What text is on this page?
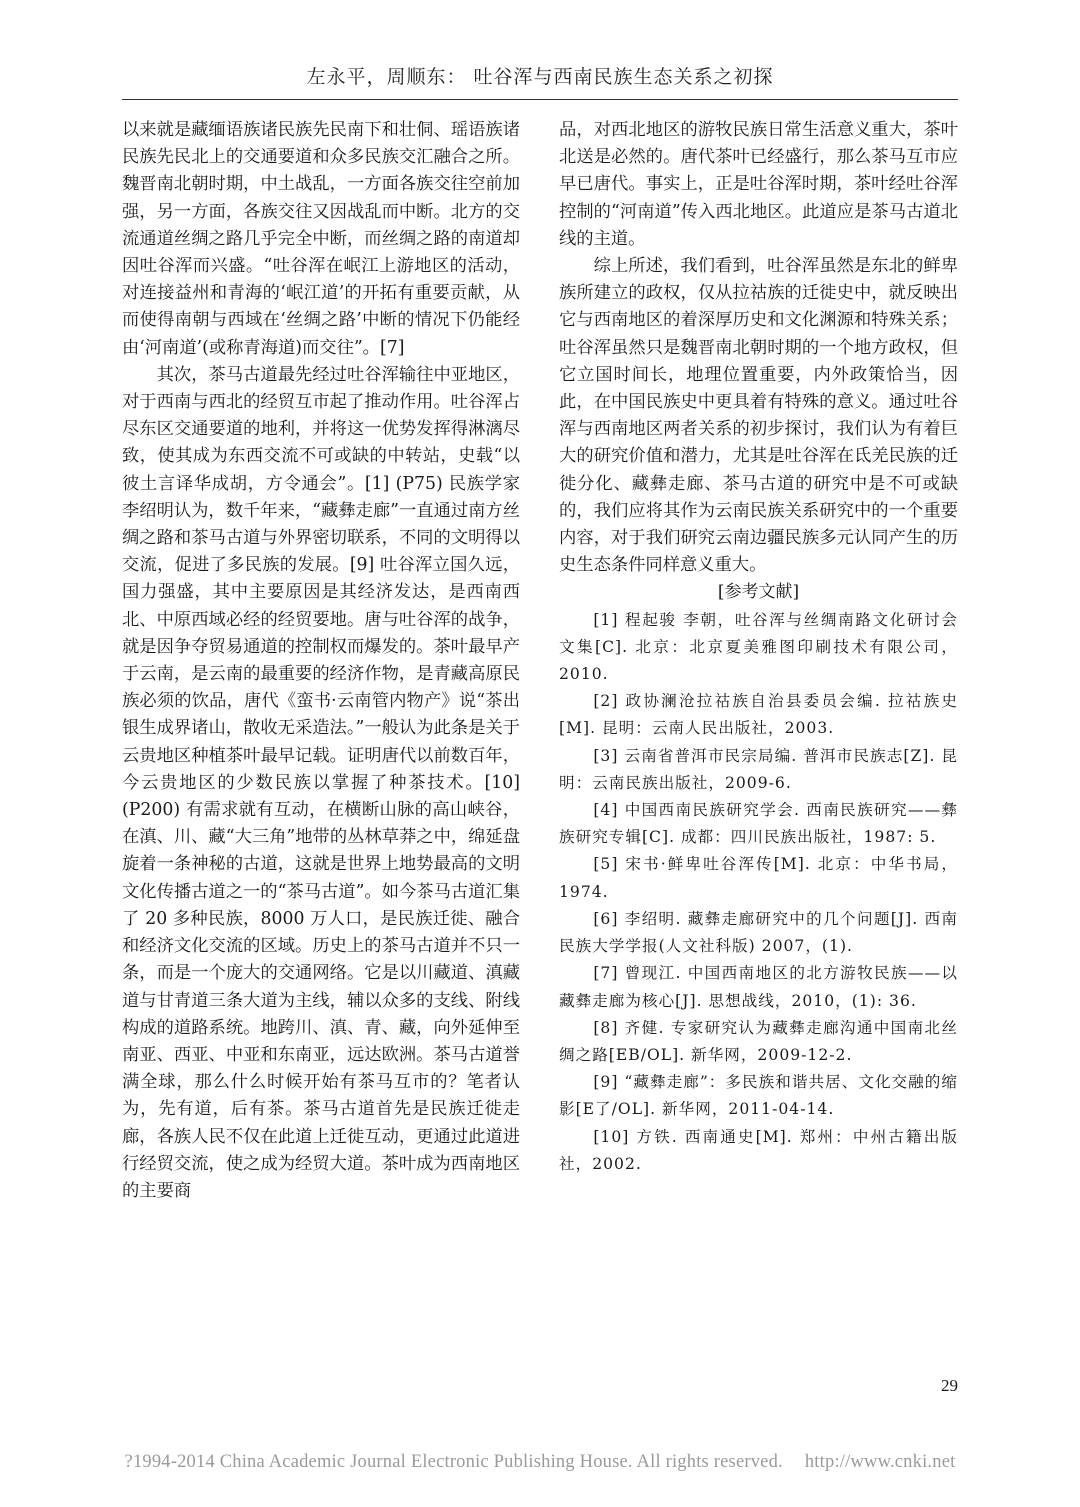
左永平，周顺东： 吐谷浑与西南民族生态关系之初探

以来就是藏缅语族诸民族先民南下和壮侗、瑶语族诸民族先民北上的交通要道和众多民族交汇融合之所。魏晋南北朝时期，中土战乱，一方面各族交往空前加强，另一方面，各族交往又因战乱而中断。北方的交流通道丝绸之路几乎完全中断，而丝绸之路的南道却因吐谷浑而兴盛。“吐谷浑在岷江上游地区的活动，对连接益州和青海的‘岷江道’的开拓有重要贡献，从而使得南朝与西域在‘丝绸之路’中断的情况下仍能经由‘河南道’(或称青海道)而交往”。[7]

其次，茶马古道最先经过吐谷浑输往中亚地区，对于西南与西北的经贸互市起了推动作用。吐谷浑占尽东区交通要道的地利，并将这一优势发挥得淋漓尽致，使其成为东西交流不可或缺的中转站，史载“以彼土言译华成胡，方令通会”。[1] (P75) 民族学家李绍明认为，数千年来，“藏彝走廊”一直通过南方丝绸之路和茶马古道与外界密切联系，不同的文明得以交流，促进了多民族的发展。[9] 吐谷浑立国久远，国力强盛，其中主要原因是其经济发达，是西南西北、中原西域必经的经贸要地。唐与吐谷浑的战争，就是因争夺贸易通道的控制权而爆发的。茶叶最早产于云南，是云南的最重要的经济作物，是青藏高原民族必须的饮品，唐代《蛮书·云南管内物产》说“茶出银生成界诸山，散收无采造法。”一般认为此条是关于云贵地区种植茶叶最早记载。证明唐代以前数百年，今云贵地区的少数民族以掌握了种茶技术。[10] (P200) 有需求就有互动，在横断山脉的高山峡谷，在滇、川、藏“大三角”地带的丛林草莽之中，绵延盘旋着一条神秘的古道，这就是世界上地势最高的文明文化传播古道之一的“茶马古道”。如今茶马古道汇集了 20 多种民族，8000 万人口，是民族迁徙、融合和经济文化交流的区域。历史上的茶马古道并不只一条，而是一个庞大的交通网络。它是以川藏道、滇藏道与甘青道三条大道为主线，辅以众多的支线、附线构成的道路系统。地跨川、滇、青、藏，向外延伸至南亚、西亚、中亚和东南亚，远达欧洲。茶马古道誉满全球，那么什么时候开始有茶马互市的？笔者认为，先有道，后有茶。茶马古道首先是民族迁徙走廊，各族人民不仅在此道上迁徙互动，更通过此道进行经贸交流，使之成为经贸大道。茶叶成为西南地区的主要商

品，对西北地区的游牧民族日常生活意义重大，茶叶北送是必然的。唐代茶叶已经盛行，那么茶马互市应早已唐代。事实上，正是吐谷浑时期，茶叶经吐谷浑控制的“河南道”传入西北地区。此道应是茶马古道北线的主道。

综上所述，我们看到，吐谷浑虽然是东北的鲜卑族所建立的政权，仅从拉祜族的迁徙史中，就反映出它与西南地区的着深厚历史和文化渊源和特殊关系；吐谷浑虽然只是魏晋南北朝时期的一个地方政权，但它立国时间长，地理位置重要，内外政策恰当，因此，在中国民族史中更具着有特殊的意义。通过吐谷浑与西南地区两者关系的初步探讨，我们认为有着巨大的研究价值和潜力，尤其是吐谷浑在氐羌民族的迁徙分化、藏彝走廊、茶马古道的研究中是不可或缺的，我们应将其作为云南民族关系研究中的一个重要内容，对于我们研究云南边疆民族多元认同产生的历史生态条件同样意义重大。

[参考文献]

[1] 程起骏 李朝，吐谷浑与丝绸南路文化研讨会文集[C]. 北京：北京夏美雅图印刷技术有限公司，2010.
[2] 政协澜沧拉祜族自治县委员会编. 拉祜族史[M]. 昆明：云南人民出版社，2003.
[3] 云南省普洱市民宗局编. 普洱市民族志[Z]. 昆明：云南民族出版社，2009-6.
[4] 中国西南民族研究学会. 西南民族研究——彝族研究专辑[C]. 成都：四川民族出版社，1987: 5.
[5] 宋书·鲜卑吐谷浑传[M]. 北京：中华书局，1974.
[6] 李绍明. 藏彝走廊研究中的几个问题[J]. 西南民族大学学报(人文社科版) 2007，(1).
[7] 曾现江. 中国西南地区的北方游牧民族——以藏彝走廊为核心[J]. 思想战线，2010，(1): 36.
[8] 齐健. 专家研究认为藏彝走廊沟通中国南北丝绸之路[EB/OL]. 新华网，2009-12-2.
[9] “藏彝走廊”：多民族和谐共居、文化交融的缩影[E了/OL]. 新华网，2011-04-14.
[10] 方铁. 西南通史[M]. 郑州：中州古籍出版社，2002.
29
?1994-2014 China Academic Journal Electronic Publishing House. All rights reserved. http://www.cnki.net
